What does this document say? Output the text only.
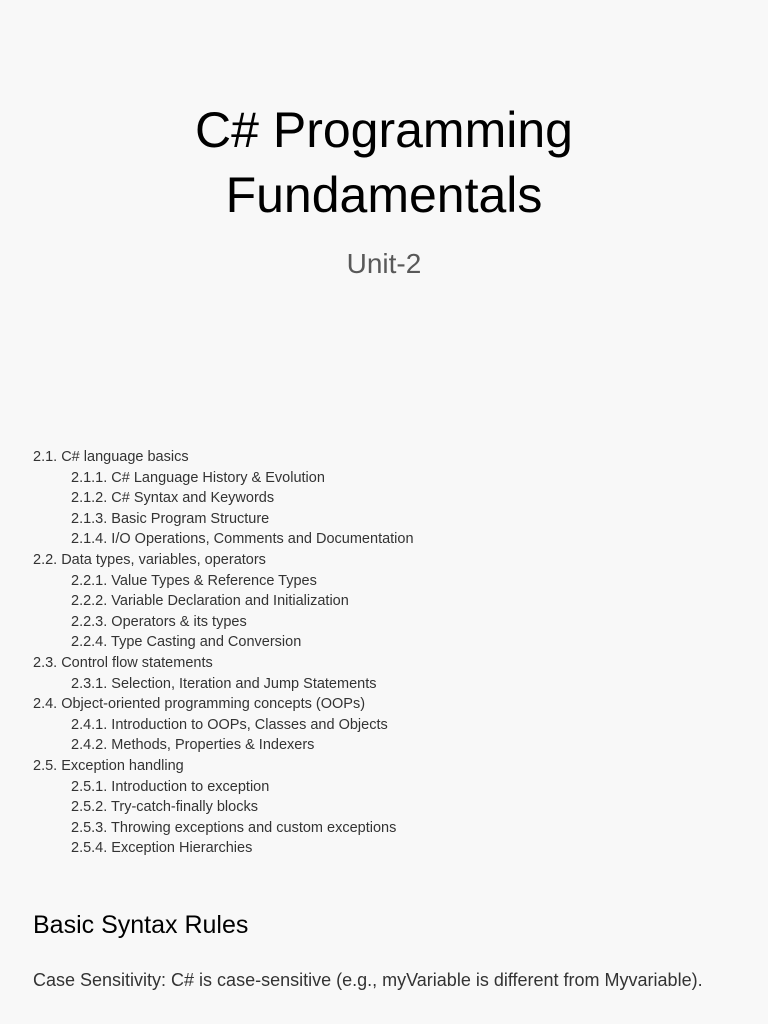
C# Programming
Fundamentals

Unit-2

2.1. C# language basics
2.1.1. C# Language History & Evolution
2.1.2. C# Syntax and Keywords
2.1.3. Basic Program Structure
2.1.4. I/O Operations, Comments and Documentation
2.2. Data types, variables, operators
2.2.1. Value Types & Reference Types
2.2.2. Variable Declaration and Initialization
2.2.3. Operators & its types
2.2.4. Type Casting and Conversion
2.3. Control flow statements
2.3.1. Selection, Iteration and Jump Statements
2.4. Object-oriented programming concepts (OOPs)
2.4.1. Introduction to OOPs, Classes and Objects
2.4.2. Methods, Properties & Indexers
2.5. Exception handling
2.5.1. Introduction to exception
2.5.2. Try-catch-finally blocks
2.5.3. Throwing exceptions and custom exceptions
2.5.4. Exception Hierarchies
Basic Syntax Rules

Case Sensitivity: C# is case-sensitive (e.g., myVariable is different from Myvariable).
